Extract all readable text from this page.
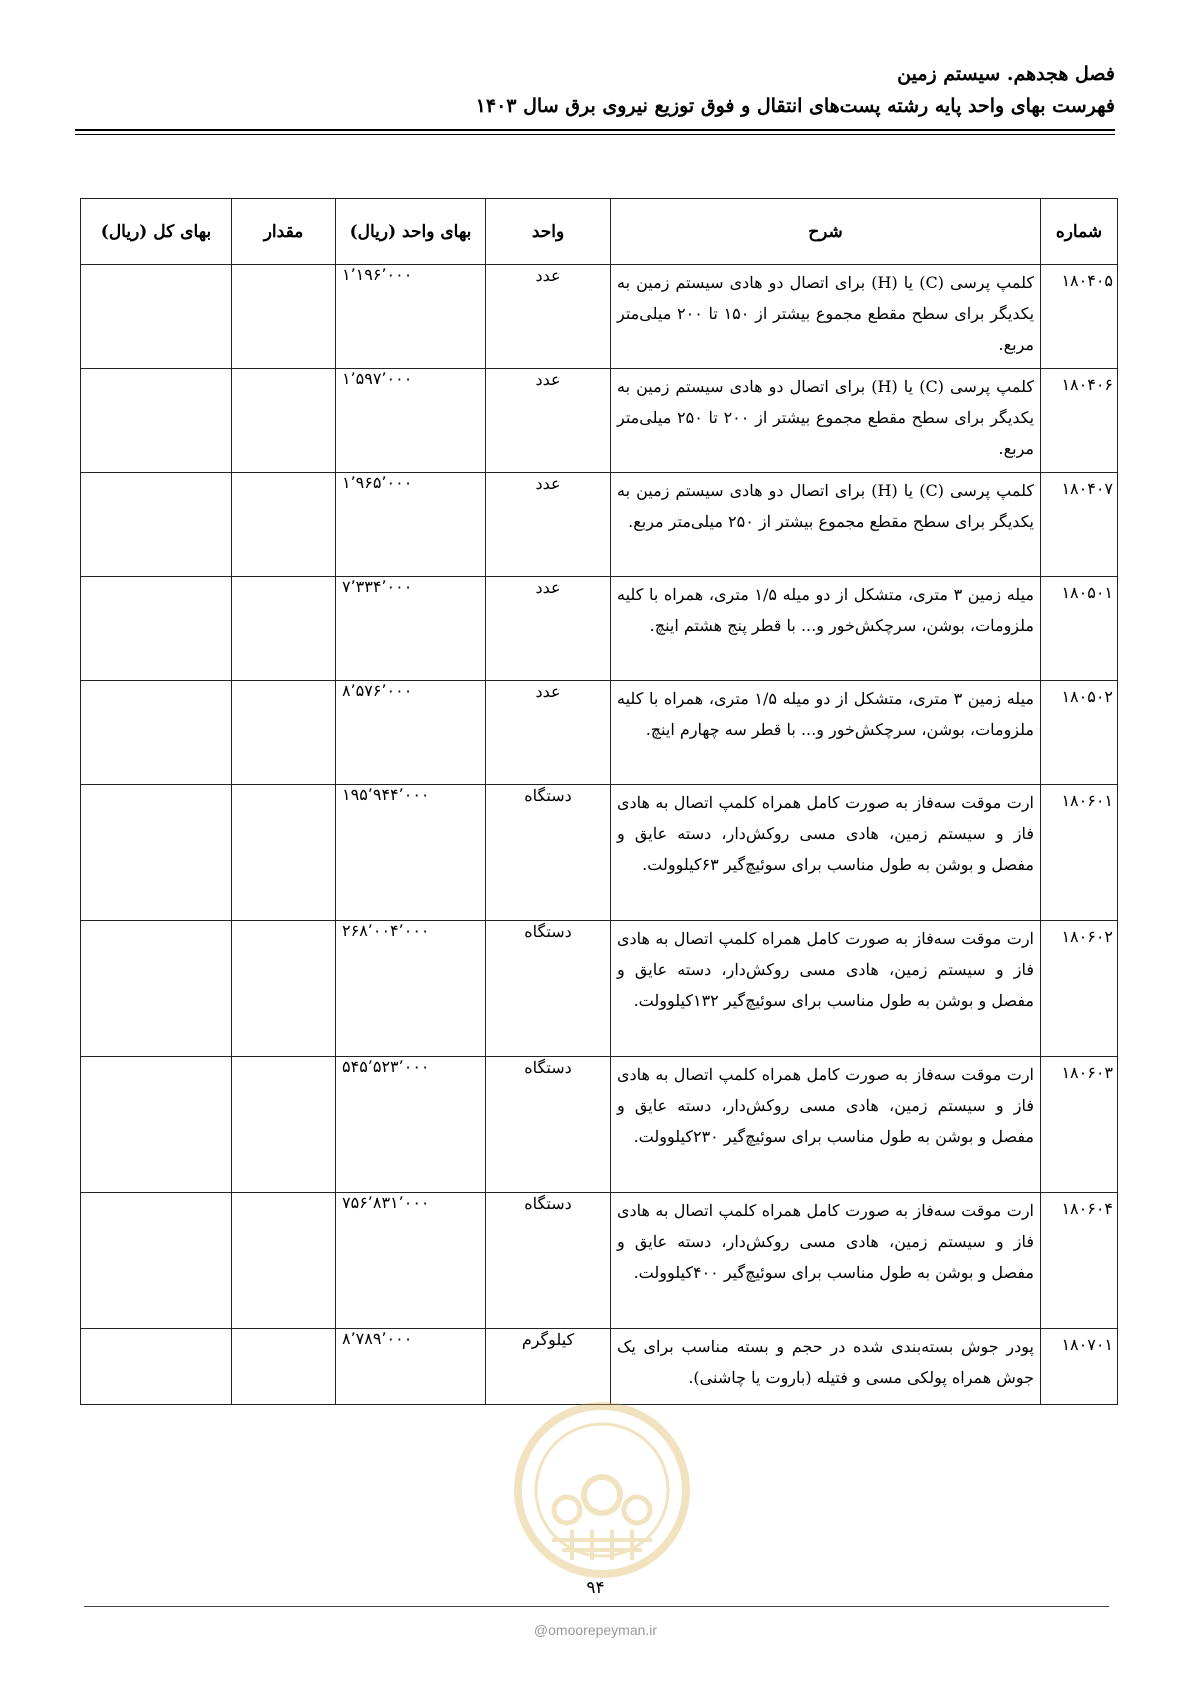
فصل هجدهم. سیستم زمین
فهرست بهای واحد پایه رشته پست‌های انتقال و فوق توزیع نیروی برق سال ۱۴۰۳
شماره	شرح	واحد	بهای واحد (ریال)	مقدار	بهای کل (ریال)
۱۸۰۴۰۵	کلمپ پرسی (C) یا (H) برای اتصال دو هادی سیستم زمین به یکدیگر برای سطح مقطع مجموع بیشتر از ۱۵۰ تا ۲۰۰ میلی‌متر مربع.	عدد	۱٬۱۹۶٬۰۰۰		
۱۸۰۴۰۶	کلمپ پرسی (C) یا (H) برای اتصال دو هادی سیستم زمین به یکدیگر برای سطح مقطع مجموع بیشتر از ۲۰۰ تا ۲۵۰ میلی‌متر مربع.	عدد	۱٬۵۹۷٬۰۰۰		
۱۸۰۴۰۷	کلمپ پرسی (C) یا (H) برای اتصال دو هادی سیستم زمین به یکدیگر برای سطح مقطع مجموع بیشتر از ۲۵۰ میلی‌متر مربع.	عدد	۱٬۹۶۵٬۰۰۰		
۱۸۰۵۰۱	میله زمین ۳ متری، متشکل از دو میله ۱/۵ متری، همراه با کلیه ملزومات، بوشن، سرچکش‌خور و... با قطر پنج هشتم اینچ.	عدد	۷٬۳۳۴٬۰۰۰		
۱۸۰۵۰۲	میله زمین ۳ متری، متشکل از دو میله ۱/۵ متری، همراه با کلیه ملزومات، بوشن، سرچکش‌خور و... با قطر سه چهارم اینچ.	عدد	۸٬۵۷۶٬۰۰۰		
۱۸۰۶۰۱	ارت موقت سه‌فاز به صورت کامل همراه کلمپ اتصال به هادی فاز و سیستم زمین، هادی مسی روکش‌دار، دسته عایق و مفصل و بوشن به طول مناسب برای سوئیچ‌گیر ۶۳کیلوولت.	دستگاه	۱۹۵٬۹۴۴٬۰۰۰		
۱۸۰۶۰۲	ارت موقت سه‌فاز به صورت کامل همراه کلمپ اتصال به هادی فاز و سیستم زمین، هادی مسی روکش‌دار، دسته عایق و مفصل و بوشن به طول مناسب برای سوئیچ‌گیر ۱۳۲کیلوولت.	دستگاه	۲۶۸٬۰۰۴٬۰۰۰		
۱۸۰۶۰۳	ارت موقت سه‌فاز به صورت کامل همراه کلمپ اتصال به هادی فاز و سیستم زمین، هادی مسی روکش‌دار، دسته عایق و مفصل و بوشن به طول مناسب برای سوئیچ‌گیر ۲۳۰کیلوولت.	دستگاه	۵۴۵٬۵۲۳٬۰۰۰		
۱۸۰۶۰۴	ارت موقت سه‌فاز به صورت کامل همراه کلمپ اتصال به هادی فاز و سیستم زمین، هادی مسی روکش‌دار، دسته عایق و مفصل و بوشن به طول مناسب برای سوئیچ‌گیر ۴۰۰کیلوولت.	دستگاه	۷۵۶٬۸۳۱٬۰۰۰		
۱۸۰۷۰۱	پودر جوش بسته‌بندی شده در حجم و بسته مناسب برای یک جوش همراه پولکی مسی و فتیله (باروت یا چاشنی).	کیلوگرم	۸٬۷۸۹٬۰۰۰		
۹۴
@omoorepeyman.ir
